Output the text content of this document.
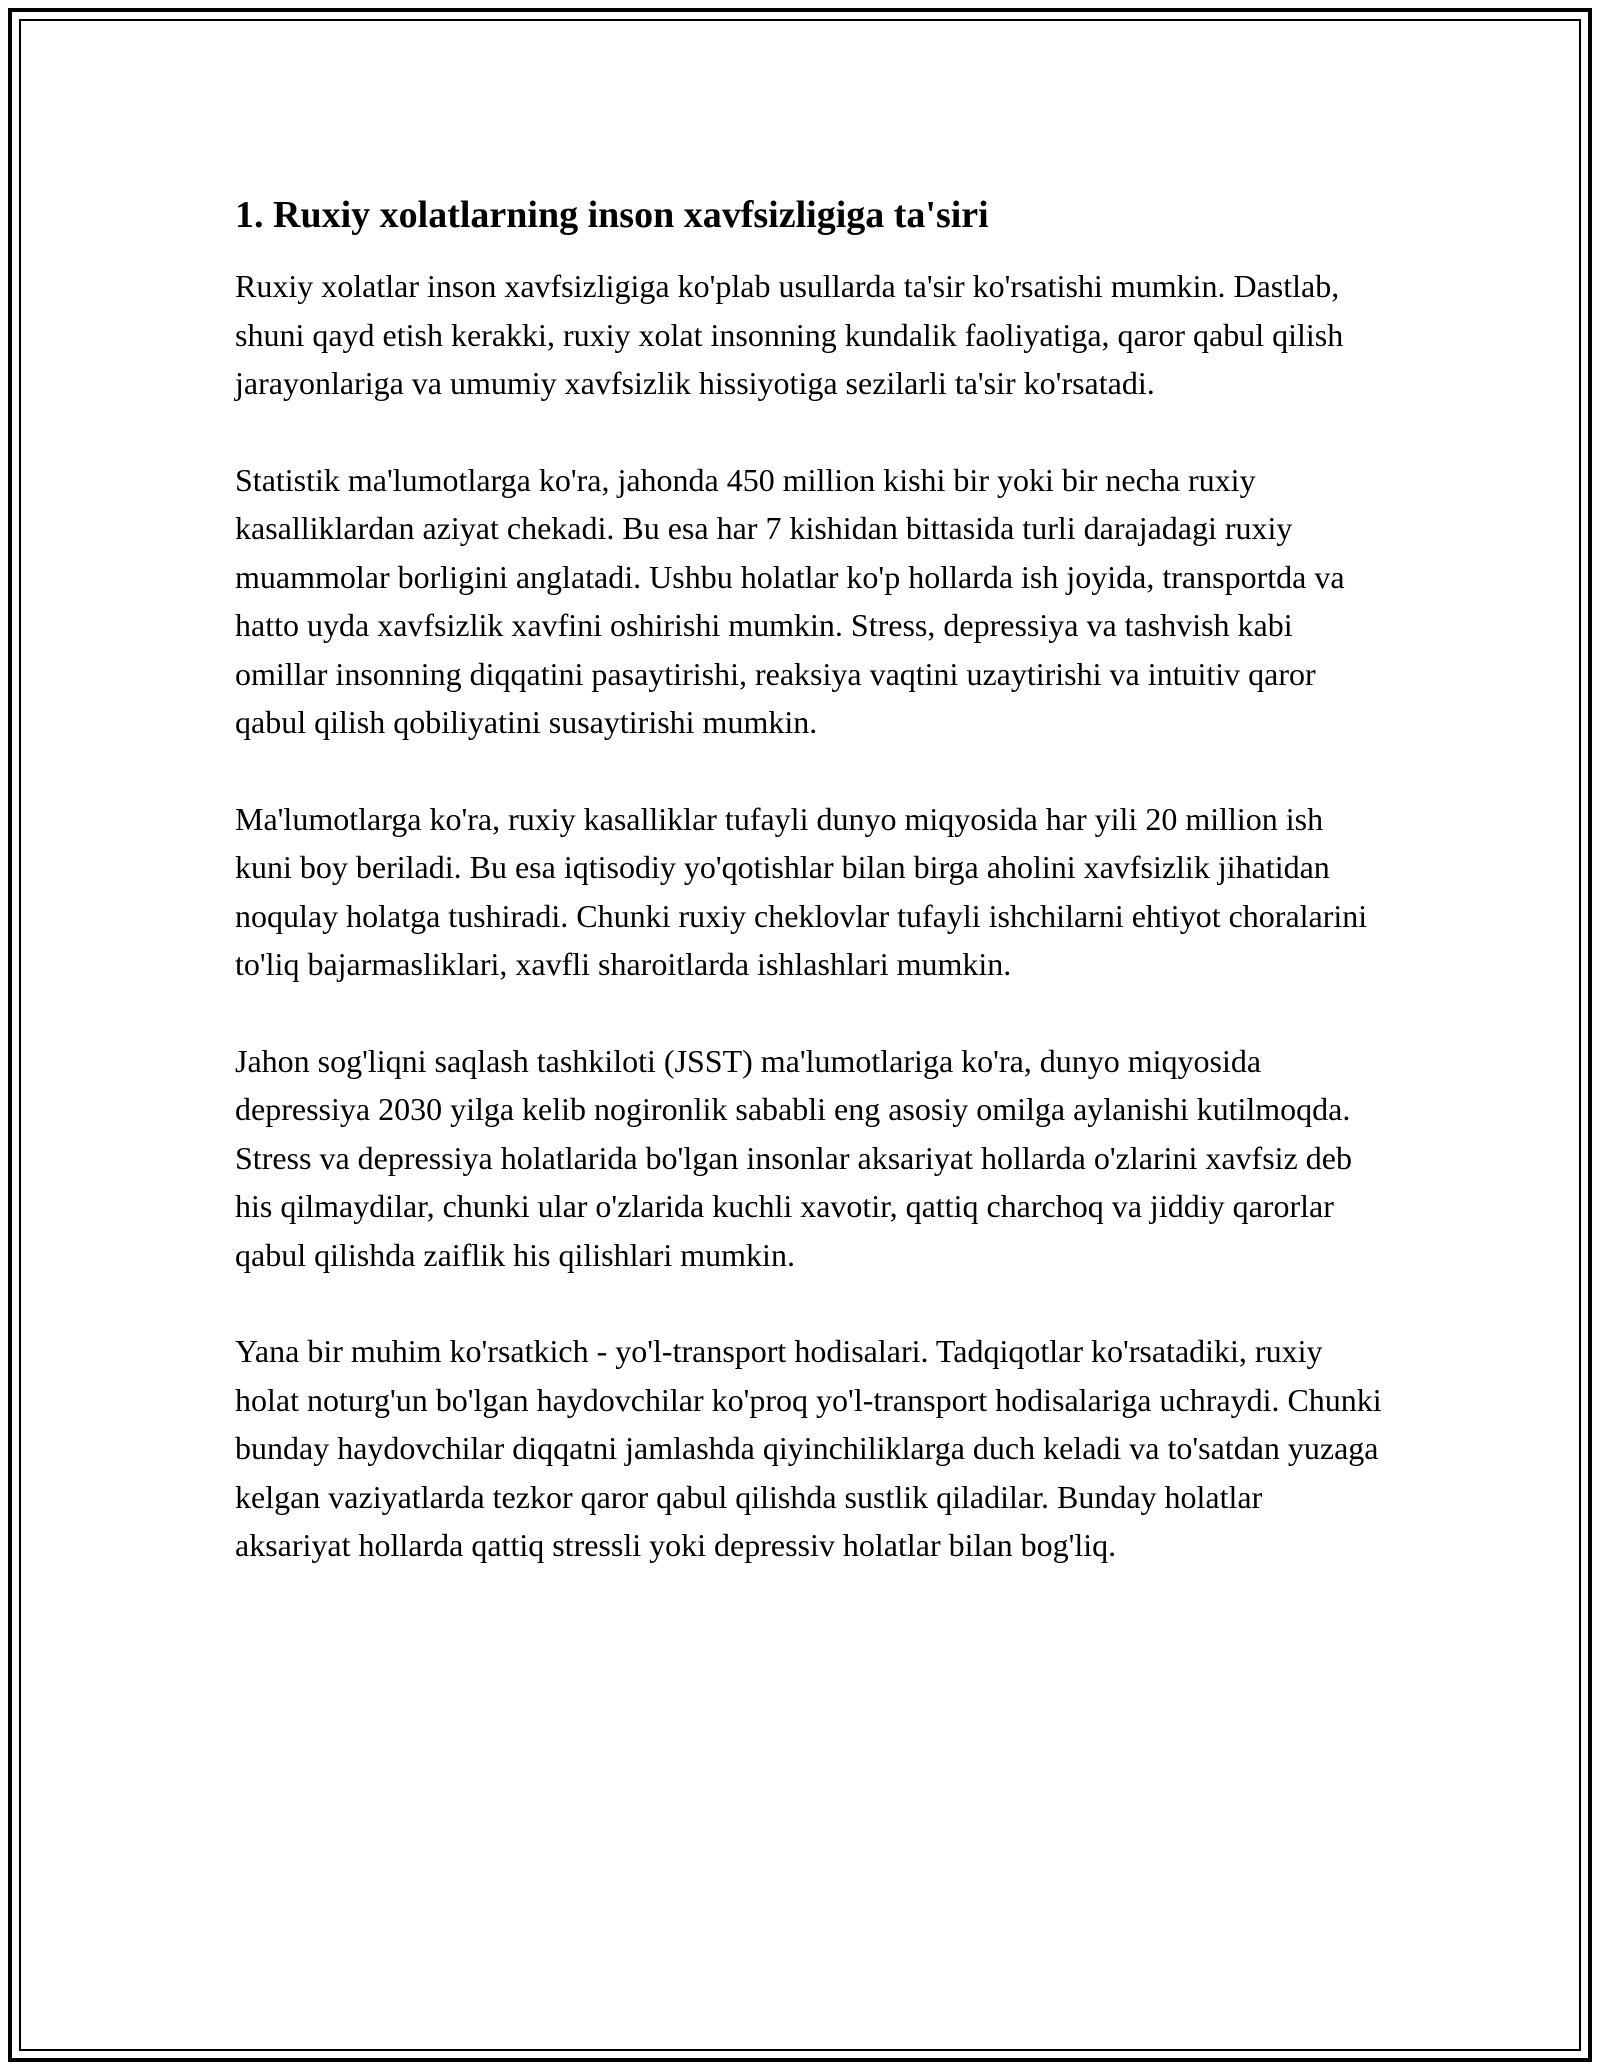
1. Ruxiy xolatlarning inson xavfsizligiga ta'siri

Ruxiy xolatlar inson xavfsizligiga ko'plab usullarda ta'sir ko'rsatishi mumkin. Dastlab, shuni qayd etish kerakki, ruxiy xolat insonning kundalik faoliyatiga, qaror qabul qilish jarayonlariga va umumiy xavfsizlik hissiyotiga sezilarli ta'sir ko'rsatadi.

Statistik ma'lumotlarga ko'ra, jahonda 450 million kishi bir yoki bir necha ruxiy kasalliklardan aziyat chekadi. Bu esa har 7 kishidan bittasida turli darajadagi ruxiy muammolar borligini anglatadi. Ushbu holatlar ko'p hollarda ish joyida, transportda va hatto uyda xavfsizlik xavfini oshirishi mumkin. Stress, depressiya va tashvish kabi omillar insonning diqqatini pasaytirishi, reaksiya vaqtini uzaytirishi va intuitiv qaror qabul qilish qobiliyatini susaytirishi mumkin.

Ma'lumotlarga ko'ra, ruxiy kasalliklar tufayli dunyo miqyosida har yili 20 million ish kuni boy beriladi. Bu esa iqtisodiy yo'qotishlar bilan birga aholini xavfsizlik jihatidan noqulay holatga tushiradi. Chunki ruxiy cheklovlar tufayli ishchilarni ehtiyot choralarini to'liq bajarmasliklari, xavfli sharoitlarda ishlashlari mumkin.

Jahon sog'liqni saqlash tashkiloti (JSST) ma'lumotlariga ko'ra, dunyo miqyosida depressiya 2030 yilga kelib nogironlik sababli eng asosiy omilga aylanishi kutilmoqda. Stress va depressiya holatlarida bo'lgan insonlar aksariyat hollarda o'zlarini xavfsiz deb his qilmaydilar, chunki ular o'zlarida kuchli xavotir, qattiq charchoq va jiddiy qarorlar qabul qilishda zaiflik his qilishlari mumkin.

Yana bir muhim ko'rsatkich - yo'l-transport hodisalari. Tadqiqotlar ko'rsatadiki, ruxiy holat noturg'un bo'lgan haydovchilar ko'proq yo'l-transport hodisalariga uchraydi. Chunki bunday haydovchilar diqqatni jamlashda qiyinchiliklarga duch keladi va to'satdan yuzaga kelgan vaziyatlarda tezkor qaror qabul qilishda sustlik qiladilar. Bunday holatlar aksariyat hollarda qattiq stressli yoki depressiv holatlar bilan bog'liq.
